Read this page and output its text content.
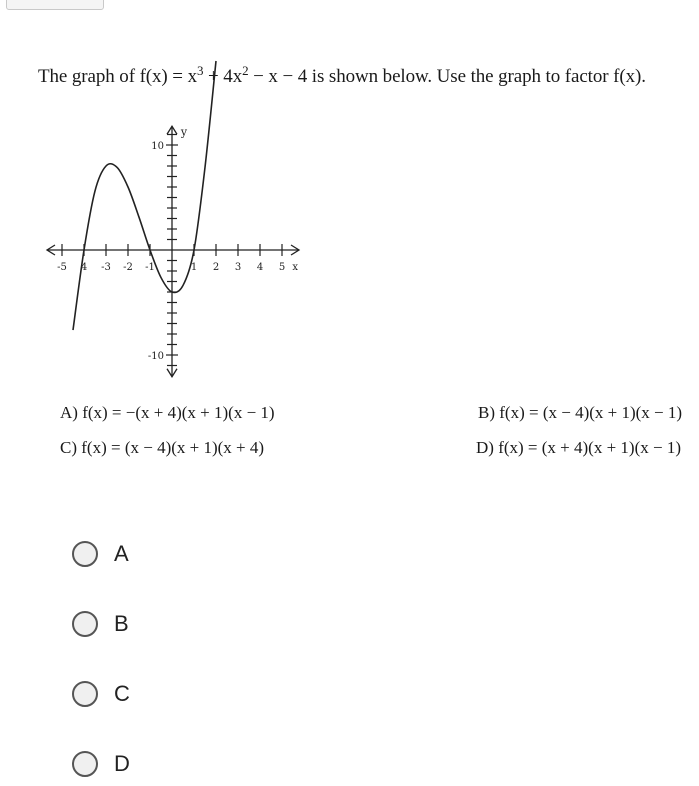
The graph of $f(x) = x^3 + 4x^2 - x - 4$ is shown below. Use the graph to factor f(x).
-5 4 -3 -2 -1	1 2 3 4 5
10
-10
x
y
A) f(x) = −(x + 4)(x + 1)(x − 1)
C) f(x) = (x − 4)(x + 1)(x + 4)
B) f(x) = (x − 4)(x + 1)(x − 1)
D) f(x) = (x + 4)(x + 1)(x − 1)
A
B
C
D
